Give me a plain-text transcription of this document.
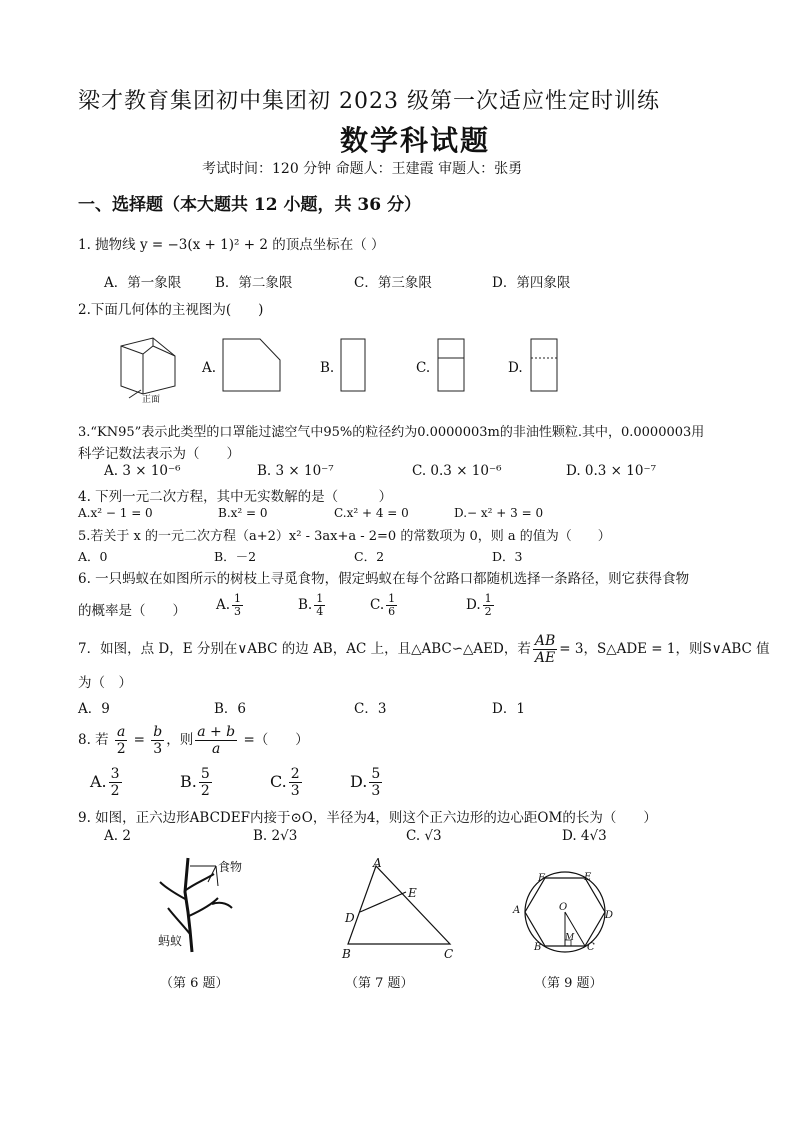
梁才教育集团初中集团初 2023 级第一次适应性定时训练
数学科试题
考试时间：120 分钟 命题人：王建霞 审题人：张勇
一、选择题（本大题共 12 小题，共 36 分）
1. 抛物线 y = −3(x + 1)² + 2 的顶点坐标在（ ）
A．第一象限	B．第二象限	C．第三象限	D．第四象限
2.下面几何体的主视图为(　　)
正面
A.	B.	C.	D.
3.“KN95”表示此类型的口罩能过滤空气中95%的粒径约为0.0000003m的非油性颗粒.其中，0.0000003用
科学记数法表示为（　　）
A. 3 × 10⁻⁶	B. 3 × 10⁻⁷	C. 0.3 × 10⁻⁶	D. 0.3 × 10⁻⁷
4. 下列一元二次方程，其中无实数解的是（　　　）
A.x² − 1 = 0	B.x² = 0	C.x² + 4 = 0	D.− x² + 3 = 0
5.若关于 x 的一元二次方程（a+2）x² - 3ax+a - 2=0 的常数项为 0，则 a 的值为（　　）
A．0	B．－2	C．2	D．3
6. 一只蚂蚁在如图所示的树枝上寻觅食物，假定蚂蚁在每个岔路口都随机选择一条路径，则它获得食物
的概率是（　　） A. $\frac{1}{3}$	B. $\frac{1}{4}$	C. $\frac{1}{6}$	D. $\frac{1}{2}$
7．如图，点 D，E 分别在∨ABC 的边 AB，AC 上，且△ABC∽△AED，若 $\frac{AB}{AE} = 3$，S△ADE = 1，则S∨ABC 值
为（　）
A．9	B．6	C．3	D．1
8. 若 $\frac{a}{2} = \frac{b}{3}$ ，则 $\frac{a + b}{a}$ =（　　）
A. $\frac{3}{2}$	B. $\frac{5}{2}$	C. $\frac{2}{3}$	D. $\frac{5}{3}$
9. 如图，正六边形ABCDEF内接于⊙O，半径为4，则这个正六边形的边心距OM的长为（　　）
A. 2	B. 2√3	C. √3	D. 4√3
食物
蚂蚁
A
B	C
D
E
A
B	C
D
E
F
O
M
（第 6 题）	（第 7 题）	（第 9 题）
